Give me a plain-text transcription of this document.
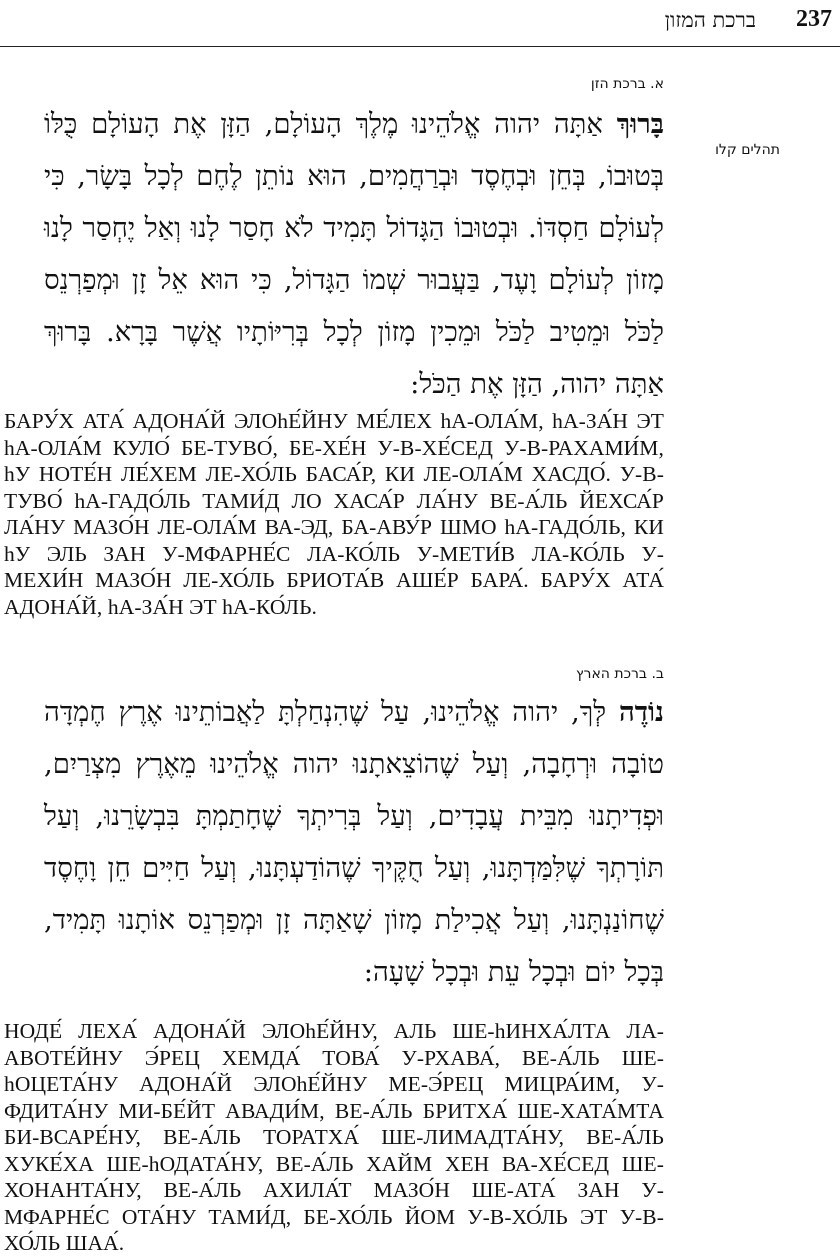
237
ברכת המזון
א. ברכת הזן
תהלים קלו
בָּרוּךְ אַתָּה יהוה אֱלֹהֵינוּ מֶלֶךְ הָעוֹלָם, הַזָּן אֶת הָעוֹלָם כֻּלּוֹ בְּטוּבוֹ, בְּחֵן וּבְחֶסֶד וּבְרַחֲמִים, הוּא נוֹתֵן לֶחֶם לְכָל בָּשָׂר, כִּי לְעוֹלָם חַסְדּוֹ. וּבְטוּבוֹ הַגָּדוֹל תָּמִיד לֹא חָסַר לָנוּ וְאַל יֶחְסַר לָנוּ מָזוֹן לְעוֹלָם וָעֶד, בַּעֲבוּר שְׁמוֹ הַגָּדוֹל, כִּי הוּא אֵל זָן וּמְפַרְנֵס לַכֹּל וּמֵטִיב לַכֹּל וּמֵכִין מָזוֹן לְכָל בְּרִיּוֹתָיו אֲשֶׁר בָּרָא. בָּרוּךְ אַתָּה יהוה, הַזָּן אֶת הַכֹּל:
БАРУ́Х АТА́ АДОНА́Й ЭЛОhЕ́ЙНУ МЕ́ЛЕХ hА-ОЛА́М, hА-ЗА́Н ЭТ hА-ОЛА́М КУЛО́ БЕ-ТУВО́, БЕ-ХЕ́Н У-В-ХЕ́СЕД У-В-РАХАМИ́М, hУ НОТЕ́Н ЛЕ́ХЕМ ЛЕ-ХО́ЛЬ БАСА́Р, КИ ЛЕ-ОЛА́М ХАСДО́. У-В-ТУВО́ hА-ГАДО́ЛЬ ТАМИ́Д ЛО ХАСА́Р ЛА́НУ ВЕ-А́ЛЬ ЙЕХСА́Р ЛА́НУ МАЗО́Н ЛЕ-ОЛА́М ВА-ЭД, БА-АВУ́Р ШМО hА-ГАДО́ЛЬ, КИ hУ ЭЛЬ ЗАН У-МФАРНЕ́С ЛА-КО́ЛЬ У-МЕТИ́В ЛА-КО́ЛЬ У-МЕХИ́Н МАЗО́Н ЛЕ-ХО́ЛЬ БРИОТА́В АШЕ́Р БАРА́. БАРУ́Х АТА́ АДОНА́Й, hА-ЗА́Н ЭТ hА-КО́ЛЬ.
ב. ברכת הארץ
נוֹדֶה לְּךָ, יהוה אֱלֹהֵינוּ, עַל שֶׁהִנְחַלְתָּ לַאֲבוֹתֵינוּ אֶרֶץ חֶמְדָּה טוֹבָה וּרְחָבָה, וְעַל שֶׁהוֹצֵאתָנוּ יהוה אֱלֹהֵינוּ מֵאֶרֶץ מִצְרַיִם, וּפְדִיתָנוּ מִבֵּית עֲבָדִים, וְעַל בְּרִיתְךָ שֶׁחָתַמְתָּ בִּבְשָׂרֵנוּ, וְעַל תּוֹרָתְךָ שֶׁלִּמַּדְתָּנוּ, וְעַל חֻקֶּיךָ שֶׁהוֹדַעְתָּנוּ, וְעַל חַיִּים חֵן וָחֶסֶד שֶׁחוֹנַנְתָּנוּ, וְעַל אֲכִילַת מָזוֹן שָׁאַתָּה זָן וּמְפַרְנֵס אוֹתָנוּ תָּמִיד, בְּכָל יוֹם וּבְכָל עֵת וּבְכָל שָׁעָה:
НОДЕ́ ЛЕХА́ АДОНА́Й ЭЛОhЕ́ЙНУ, АЛЬ ШЕ-hИНХА́ЛТА ЛА-АВОТЕ́ЙНУ Э́РЕЦ ХЕМДА́ ТОВА́ У-РХАВА́, ВЕ-А́ЛЬ ШЕ-hОЦЕТА́НУ АДОНА́Й ЭЛОhЕ́ЙНУ МЕ-Э́РЕЦ МИЦРА́ИМ, У-ФДИТА́НУ МИ-БЕ́ЙТ АВАДИ́М, ВЕ-А́ЛЬ БРИТХА́ ШЕ-ХАТА́МТА БИ-ВСАРЕ́НУ, ВЕ-А́ЛЬ ТОРАТХА́ ШЕ-ЛИМАДТА́НУ, ВЕ-А́ЛЬ ХУКЕ́ХА ШЕ-hОДАТА́НУ, ВЕ-А́ЛЬ ХАЙМ ХЕН ВА-ХЕ́СЕД ШЕ-ХОНАНТА́НУ, ВЕ-А́ЛЬ АХИЛА́Т МАЗО́Н ШЕ-АТА́ ЗАН У-МФАРНЕ́С ОТА́НУ ТАМИ́Д, БЕ-ХО́ЛЬ ЙОМ У-В-ХО́ЛЬ ЭТ У-В-ХО́ЛЬ ШАА́.
